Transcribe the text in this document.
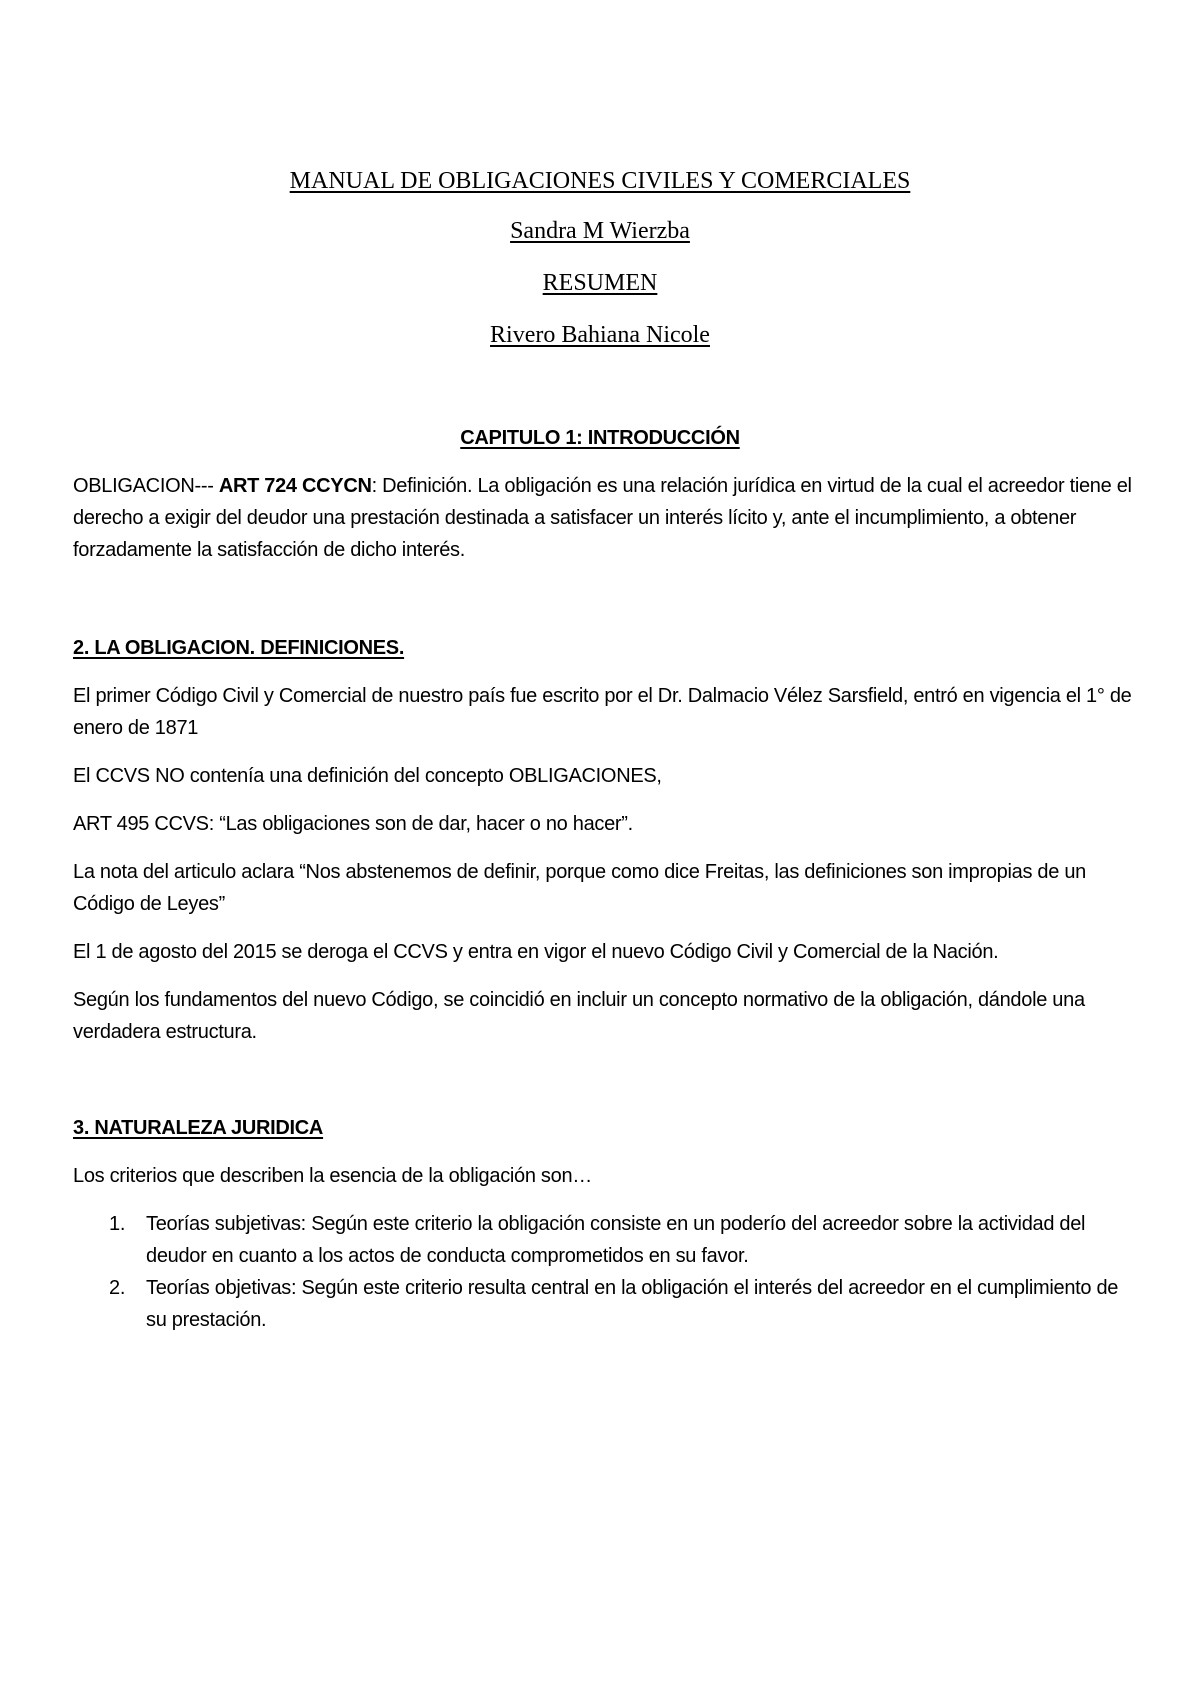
MANUAL DE OBLIGACIONES CIVILES Y COMERCIALES
Sandra M Wierzba
RESUMEN
Rivero Bahiana Nicole
CAPITULO 1: INTRODUCCIÓN

OBLIGACION--- ART 724 CCYCN: Definición. La obligación es una relación jurídica en virtud de la cual el acreedor tiene el derecho a exigir del deudor una prestación destinada a satisfacer un interés lícito y, ante el incumplimiento, a obtener forzadamente la satisfacción de dicho interés.

2. LA OBLIGACION. DEFINICIONES.

El primer Código Civil y Comercial de nuestro país fue escrito por el Dr. Dalmacio Vélez Sarsfield, entró en vigencia el 1° de enero de 1871

El CCVS NO contenía una definición del concepto OBLIGACIONES,

ART 495 CCVS: “Las obligaciones son de dar, hacer o no hacer”.

La nota del articulo aclara “Nos abstenemos de definir, porque como dice Freitas, las definiciones son impropias de un Código de Leyes”

El 1 de agosto del 2015 se deroga el CCVS y entra en vigor el nuevo Código Civil y Comercial de la Nación.

Según los fundamentos del nuevo Código, se coincidió en incluir un concepto normativo de la obligación, dándole una verdadera estructura.

3. NATURALEZA JURIDICA

Los criterios que describen la esencia de la obligación son…

1. Teorías subjetivas: Según este criterio la obligación consiste en un poderío del acreedor sobre la actividad del deudor en cuanto a los actos de conducta comprometidos en su favor.
2. Teorías objetivas: Según este criterio resulta central en la obligación el interés del acreedor en el cumplimiento de su prestación.
